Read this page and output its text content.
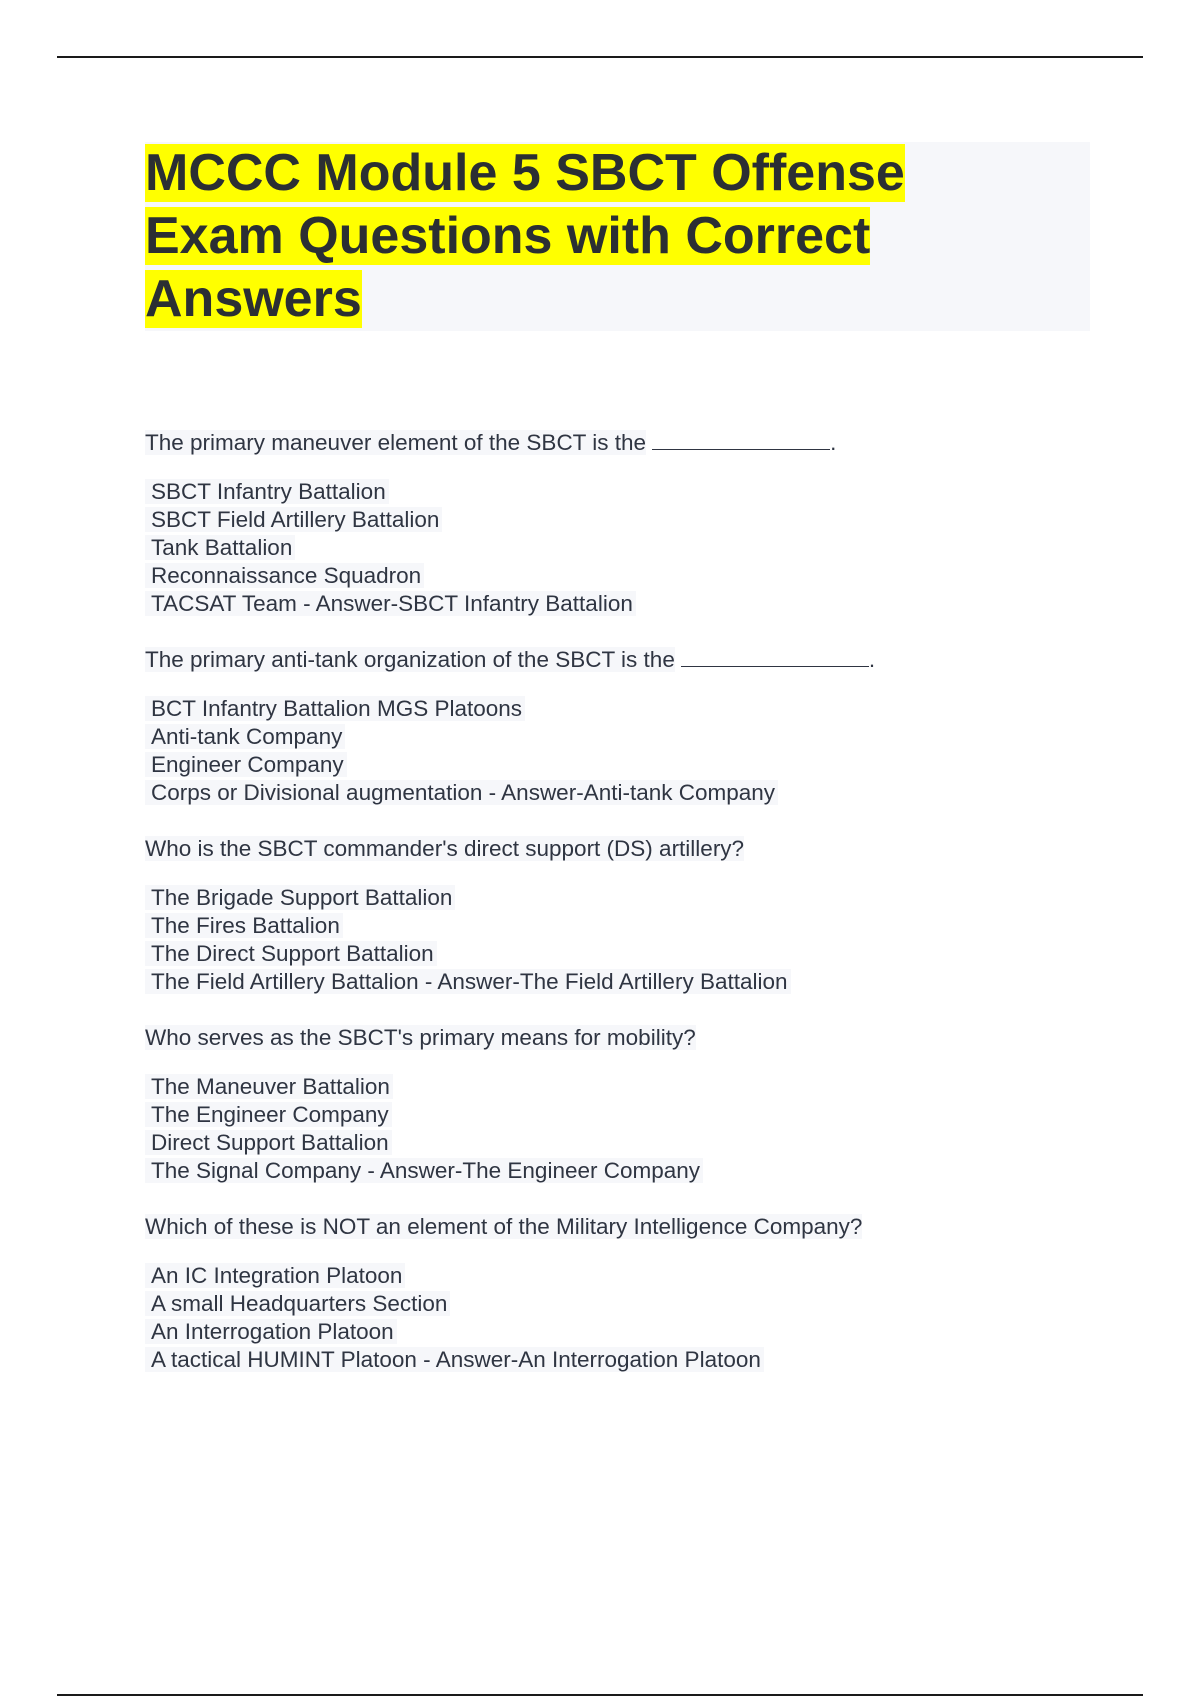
MCCC Module 5 SBCT Offense
Exam Questions with Correct
Answers

The primary maneuver element of the SBCT is the	.

SBCT Infantry Battalion
SBCT Field Artillery Battalion
Tank Battalion
Reconnaissance Squadron
TACSAT Team - Answer-SBCT Infantry Battalion

The primary anti-tank organization of the SBCT is the	.

BCT Infantry Battalion MGS Platoons
Anti-tank Company
Engineer Company
Corps or Divisional augmentation - Answer-Anti-tank Company

Who is the SBCT commander's direct support (DS) artillery?

The Brigade Support Battalion
The Fires Battalion
The Direct Support Battalion
The Field Artillery Battalion - Answer-The Field Artillery Battalion

Who serves as the SBCT's primary means for mobility?

The Maneuver Battalion
The Engineer Company
Direct Support Battalion
The Signal Company - Answer-The Engineer Company

Which of these is NOT an element of the Military Intelligence Company?

An IC Integration Platoon
A small Headquarters Section
An Interrogation Platoon
A tactical HUMINT Platoon - Answer-An Interrogation Platoon
